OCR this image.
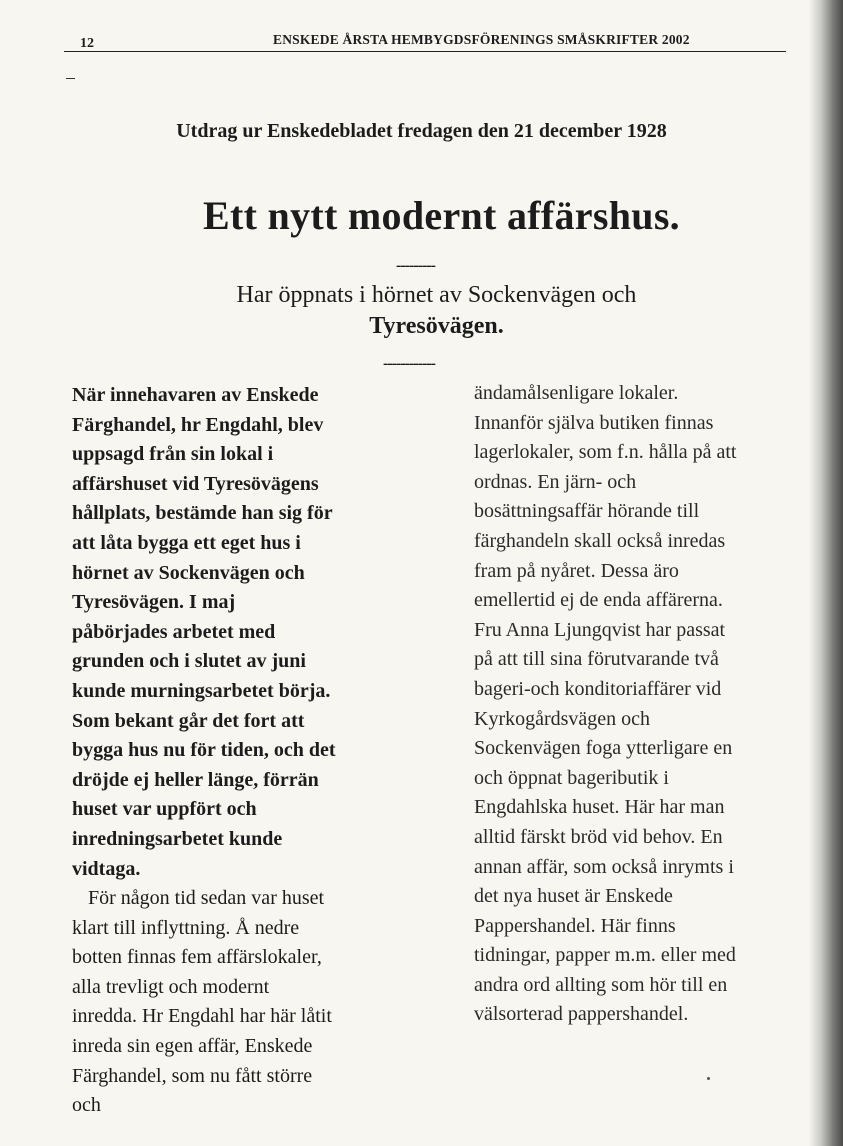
12	ENSKEDE ÅRSTA HEMBYGDSFÖRENINGS SMÅSKRIFTER 2002
Utdrag ur Enskedebladet fredagen den 21 december 1928
Ett nytt modernt affärshus.
---------
Har öppnats i hörnet av Sockenvägen och
Tyresövägen.
------------
När innehavaren av Enskede
Färghandel, hr Engdahl, blev
uppsagd från sin lokal i
affärshuset vid Tyresövägens
hållplats, bestämde han sig för
att låta bygga ett eget hus i
hörnet av Sockenvägen och
Tyresövägen. I maj
påbörjades arbetet med
grunden och i slutet av juni
kunde murningsarbetet börja.
Som bekant går det fort att
bygga hus nu för tiden, och det
dröjde ej heller länge, förrän
huset var uppfört och
inredningsarbetet kunde
vidtaga.
För någon tid sedan var huset
klart till inflyttning. Å nedre
botten finnas fem affärslokaler,
alla trevligt och modernt
inredda. Hr Engdahl har här låtit
inreda sin egen affär, Enskede
Färghandel, som nu fått större
och
ändamålsenligare lokaler.
Innanför själva butiken finnas
lagerlokaler, som f.n. hålla på att
ordnas. En järn- och
bosättningsaffär hörande till
färghandeln skall också inredas
fram på nyåret. Dessa äro
emellertid ej de enda affärerna.
Fru Anna Ljungqvist har passat
på att till sina förutvarande två
bageri-och konditoriaffärer vid
Kyrkogårdsvägen och
Sockenvägen foga ytterligare en
och öppnat bageributik i
Engdahlska huset. Här har man
alltid färskt bröd vid behov. En
annan affär, som också inrymts i
det nya huset är Enskede
Pappershandel. Här finns
tidningar, papper m.m. eller med
andra ord allting som hör till en
välsorterad pappershandel.
